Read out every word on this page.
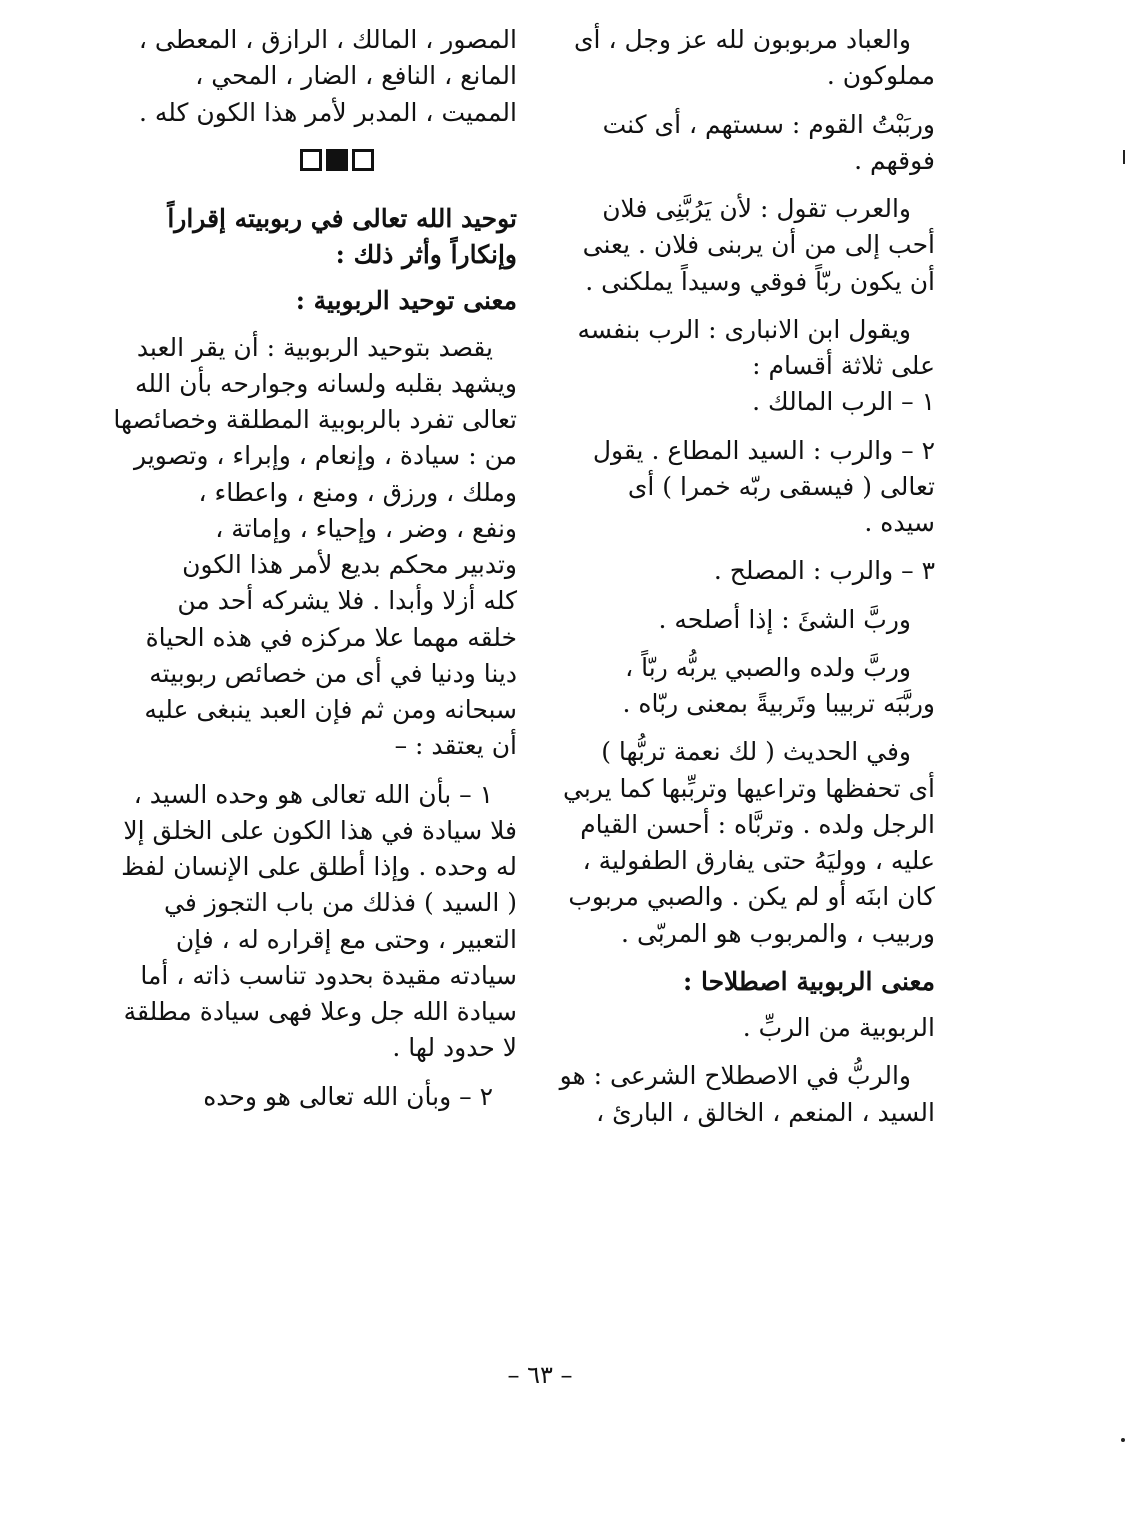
والعباد مربوبون لله عز وجل ، أى
مملوكون .
وربَبْتُ القوم : سستهم ، أى كنت
فوقهم .
والعرب تقول : لأن يَرُبَّنِى فلان
أحب إلى من أن يربنى فلان . يعنى
أن يكون ربّاً فوقي وسيداً يملكنى .
ويقول ابن الانبارى : الرب بنفسه
على ثلاثة أقسام :
١ – الرب المالك .
٢ – والرب : السيد المطاع . يقول
تعالى ( فيسقى ربّه خمرا ) أى
سيده .
٣ – والرب : المصلح .
وربَّ الشئَ : إذا أصلحه .
وربَّ ولده والصبي يربُّه ربّاً ،
وربَّبَه تربيبا وتَربيةً بمعنى ربّاه .
وفي الحديث ( لك نعمة تربُّها )
أى تحفظها وتراعيها وتربِّبها كما يربي
الرجل ولده . وتربَّاه : أحسن القيام
عليه ، ووليَهُ حتى يفارق الطفولية ،
كان ابنَه أو لم يكن . والصبي مربوب
وربيب ، والمربوب هو المربّى .
معنى الربوبية اصطلاحا :
الربوبية من الربِّ .
والربُّ في الاصطلاح الشرعى : هو
السيد ، المنعم ، الخالق ، البارئ ،
المصور ، المالك ، الرازق ، المعطى ،
المانع ، النافع ، الضار ، المحي ،
المميت ، المدبر لأمر هذا الكون كله .
توحيد الله تعالى في ربوبيته إقراراً
وإنكاراً وأثر ذلك :
معنى توحيد الربوبية :
يقصد بتوحيد الربوبية : أن يقر العبد
ويشهد بقلبه ولسانه وجوارحه بأن الله
تعالى تفرد بالربوبية المطلقة وخصائصها
من : سيادة ، وإنعام ، وإبراء ، وتصوير
وملك ، ورزق ، ومنع ، واعطاء ،
ونفع ، وضر ، وإحياء ، وإماتة ،
وتدبير محكم بديع لأمر هذا الكون
كله أزلا وأبدا . فلا يشركه أحد من
خلقه مهما علا مركزه في هذه الحياة
دينا ودنيا في أى من خصائص ربوبيته
سبحانه ومن ثم فإن العبد ينبغى عليه
أن يعتقد : –
١ – بأن الله تعالى هو وحده السيد ،
فلا سيادة في هذا الكون على الخلق إلا
له وحده . وإذا أطلق على الإنسان لفظ
( السيد ) فذلك من باب التجوز في
التعبير ، وحتى مع إقراره له ، فإن
سيادته مقيدة بحدود تناسب ذاته ، أما
سيادة الله جل وعلا فهى سيادة مطلقة
لا حدود لها .
٢ – وبأن الله تعالى هو وحده
– ٦٣ –
